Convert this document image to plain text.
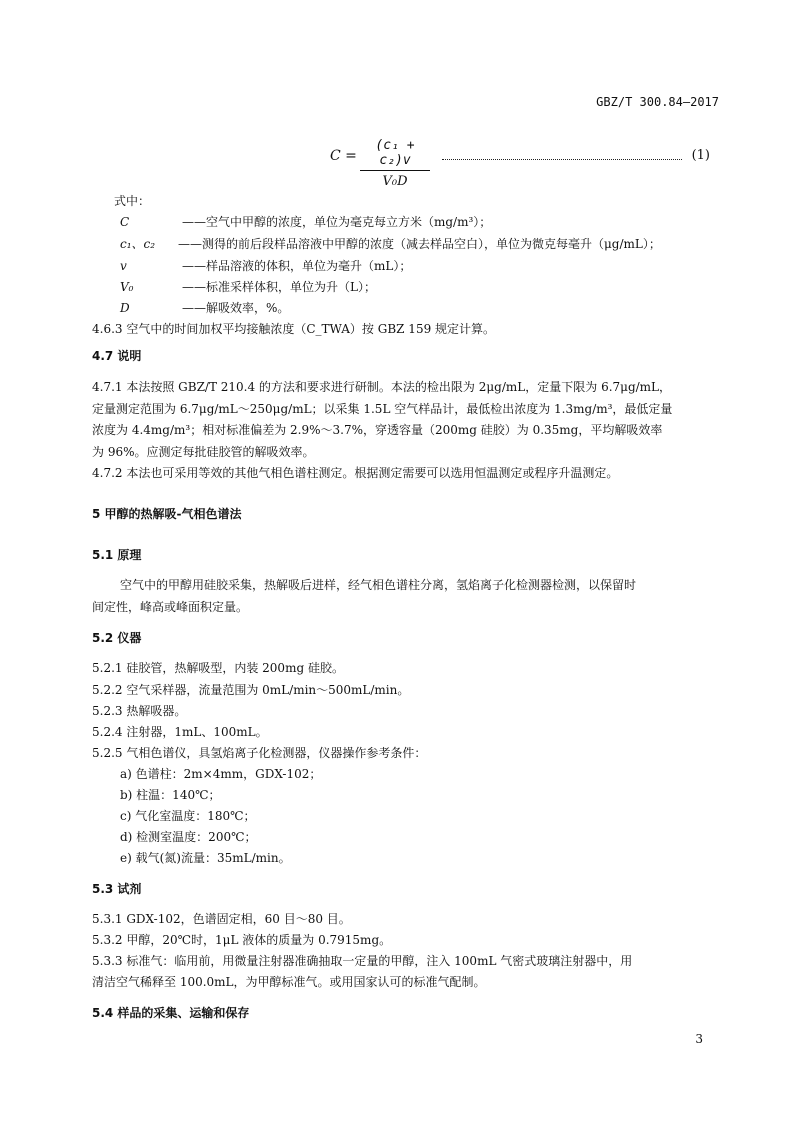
GBZ/T 300.84—2017
$C = \frac{\text{(c₁ + c₂)v}}{\text{V₀D}}$	(1)
式中：
C	——空气中甲醇的浓度，单位为毫克每立方米（mg/m³）；
c₁、c₂ ——测得的前后段样品溶液中甲醇的浓度（减去样品空白），单位为微克每毫升（μg/mL）；
v	——样品溶液的体积，单位为毫升（mL）；
V₀	——标准采样体积，单位为升（L）；
D	——解吸效率，%。
4.6.3 空气中的时间加权平均接触浓度（C_TWA）按 GBZ 159 规定计算。
4.7 说明
4.7.1 本法按照 GBZ/T 210.4 的方法和要求进行研制。本法的检出限为 2μg/mL，定量下限为 6.7μg/mL，
定量测定范围为 6.7μg/mL～250μg/mL；以采集 1.5L 空气样品计，最低检出浓度为 1.3mg/m³，最低定量
浓度为 4.4mg/m³；相对标准偏差为 2.9%～3.7%，穿透容量（200mg 硅胶）为 0.35mg，平均解吸效率
为 96%。应测定每批硅胶管的解吸效率。
4.7.2 本法也可采用等效的其他气相色谱柱测定。根据测定需要可以选用恒温测定或程序升温测定。
5 甲醇的热解吸-气相色谱法
5.1 原理
空气中的甲醇用硅胶采集，热解吸后进样，经气相色谱柱分离，氢焰离子化检测器检测，以保留时
间定性，峰高或峰面积定量。
5.2 仪器
5.2.1 硅胶管，热解吸型，内装 200mg 硅胶。
5.2.2 空气采样器，流量范围为 0mL/min～500mL/min。
5.2.3 热解吸器。
5.2.4 注射器，1mL、100mL。
5.2.5 气相色谱仪，具氢焰离子化检测器，仪器操作参考条件：
a) 色谱柱：2m×4mm，GDX-102；
b) 柱温：140℃；
c) 气化室温度：180℃；
d) 检测室温度：200℃；
e) 载气(氮)流量：35mL/min。
5.3 试剂
5.3.1 GDX-102，色谱固定相，60 目～80 目。
5.3.2 甲醇，20℃时，1μL 液体的质量为 0.7915mg。
5.3.3 标准气：临用前，用微量注射器准确抽取一定量的甲醇，注入 100mL 气密式玻璃注射器中，用
清洁空气稀释至 100.0mL，为甲醇标准气。或用国家认可的标准气配制。
5.4 样品的采集、运输和保存
3
